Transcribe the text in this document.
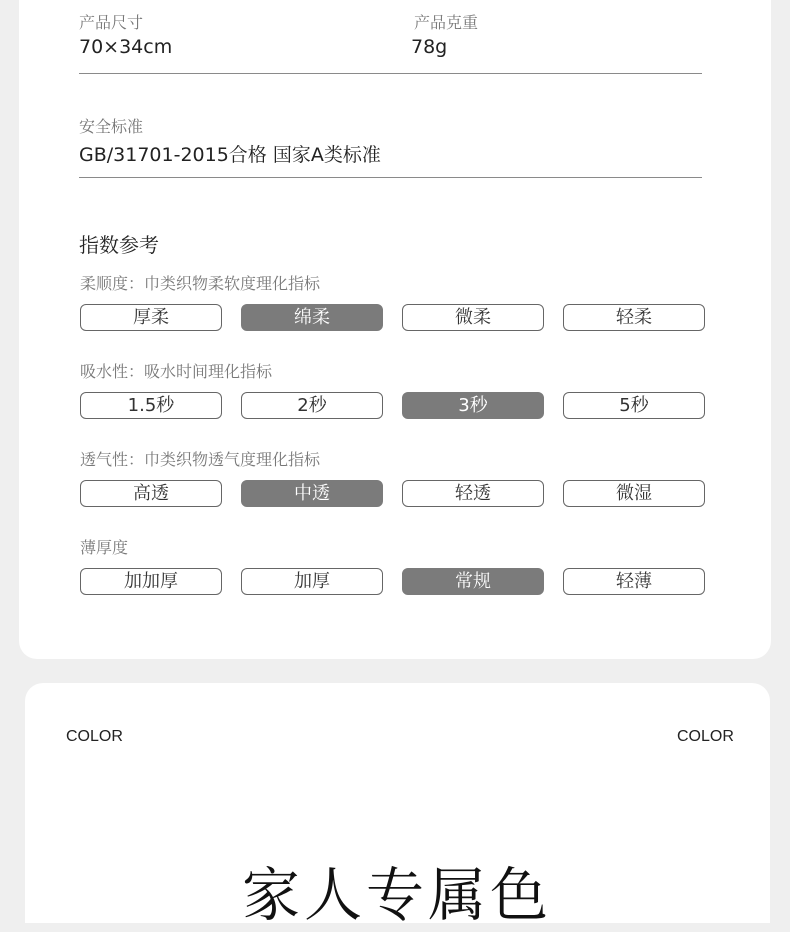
产品尺寸
70×34cm
产品克重
78g
安全标准
GB/31701-2015合格 国家A类标准
指数参考
柔顺度：巾类织物柔软度理化指标
厚柔	绵柔	微柔	轻柔
吸水性：吸水时间理化指标
1.5秒	2秒	3秒	5秒
透气性：巾类织物透气度理化指标
高透	中透	轻透	微湿
薄厚度
加加厚	加厚	常规	轻薄
COLOR	COLOR
家人专属色
